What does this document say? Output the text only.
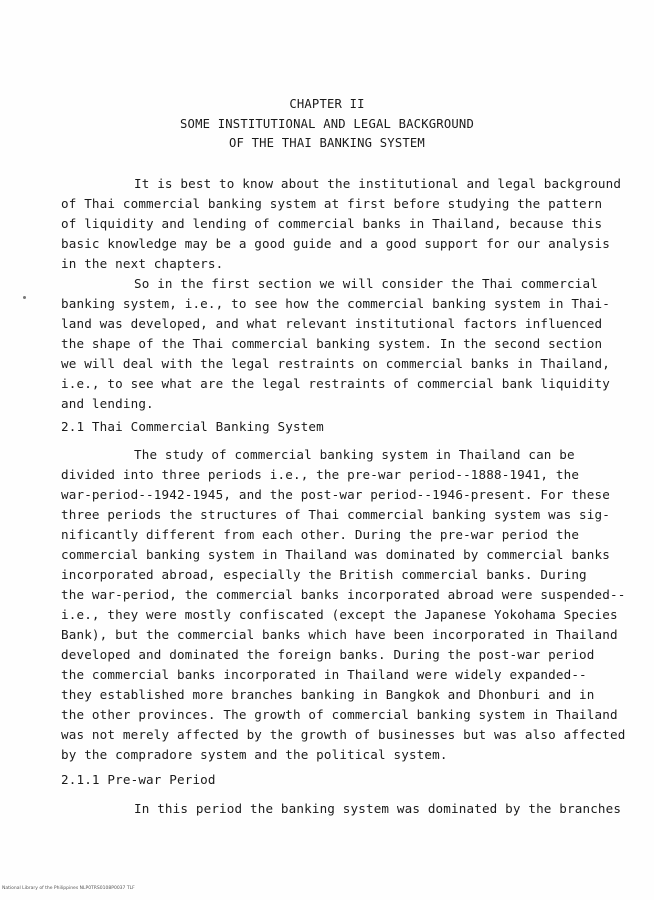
CHAPTER II
SOME INSTITUTIONAL AND LEGAL BACKGROUND
OF THE THAI BANKING SYSTEM
It is best to know about the institutional and legal background
of Thai commercial banking system at first before studying the pattern
of liquidity and lending of commercial banks in Thailand, because this
basic knowledge may be a good guide and a good support for our analysis
in the next chapters.
So in the first section we will consider the Thai commercial
banking system, i.e., to see how the commercial banking system in Thai-
land was developed, and what relevant institutional factors influenced
the shape of the Thai commercial banking system. In the second section
we will deal with the legal restraints on commercial banks in Thailand,
i.e., to see what are the legal restraints of commercial bank liquidity
and lending.
2.1 Thai Commercial Banking System
The study of commercial banking system in Thailand can be
divided into three periods i.e., the pre-war period--1888-1941, the
war-period--1942-1945, and the post-war period--1946-present. For these
three periods the structures of Thai commercial banking system was sig-
nificantly different from each other. During the pre-war period the
commercial banking system in Thailand was dominated by commercial banks
incorporated abroad, especially the British commercial banks. During
the war-period, the commercial banks incorporated abroad were suspended--
i.e., they were mostly confiscated (except the Japanese Yokohama Species
Bank), but the commercial banks which have been incorporated in Thailand
developed and dominated the foreign banks. During the post-war period
the commercial banks incorporated in Thailand were widely expanded--
they established more branches banking in Bangkok and Dhonburi and in
the other provinces. The growth of commercial banking system in Thailand
was not merely affected by the growth of businesses but was also affected
by the compradore system and the political system.
2.1.1 Pre-war Period
In this period the banking system was dominated by the branches
National Library of the Philippines NLP0TRS0108P0037 TLF
